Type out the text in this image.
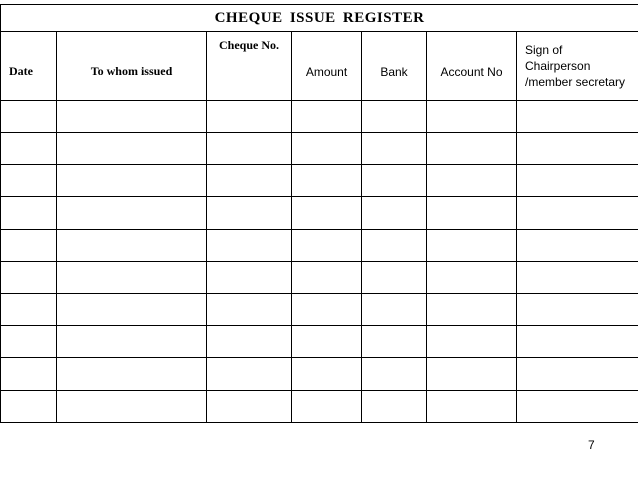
CHEQUE ISSUE REGISTER						
Date	To whom issued	Cheque No.	Amount	Bank	Account No	Sign of
Chairperson
/member secretary

7
